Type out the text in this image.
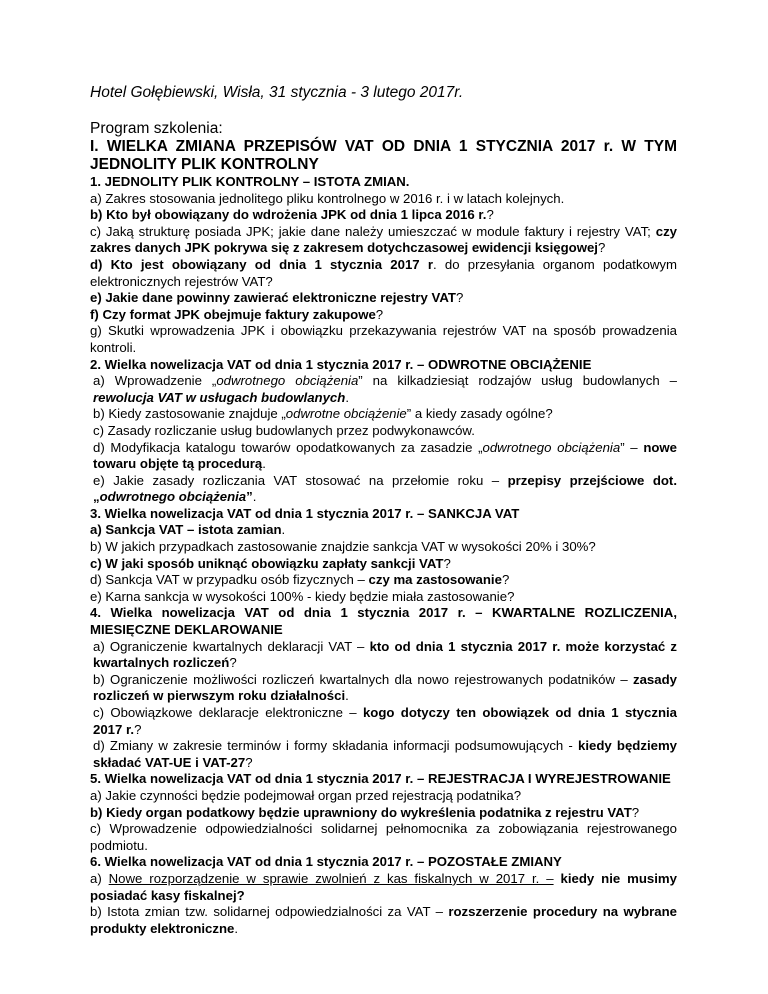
Hotel Gołębiewski, Wisła, 31 stycznia - 3 lutego 2017r.

Program szkolenia:

I. WIELKA ZMIANA PRZEPISÓW VAT OD DNIA 1 STYCZNIA 2017 r. W TYM JEDNOLITY PLIK KONTROLNY

1. JEDNOLITY PLIK KONTROLNY – ISTOTA ZMIAN.

a) Zakres stosowania jednolitego pliku kontrolnego w 2016 r. i w latach kolejnych.

b) Kto był obowiązany do wdrożenia JPK od dnia 1 lipca 2016 r.?

c) Jaką strukturę posiada JPK; jakie dane należy umieszczać w module faktury i rejestry VAT; czy zakres danych JPK pokrywa się z zakresem dotychczasowej ewidencji księgowej?

d) Kto jest obowiązany od dnia 1 stycznia 2017 r. do przesyłania organom podatkowym elektronicznych rejestrów VAT?

e) Jakie dane powinny zawierać elektroniczne rejestry VAT?

f) Czy format JPK obejmuje faktury zakupowe?

g) Skutki wprowadzenia JPK i obowiązku przekazywania rejestrów VAT na sposób prowadzenia kontroli.

2. Wielka nowelizacja VAT od dnia 1 stycznia 2017 r. – ODWROTNE OBCIĄŻENIE

a) Wprowadzenie „odwrotnego obciążenia” na kilkadziesiąt rodzajów usług budowlanych – rewolucja VAT w usługach budowlanych.

b) Kiedy zastosowanie znajduje „odwrotne obciążenie” a kiedy zasady ogólne?

c) Zasady rozliczanie usług budowlanych przez podwykonawców.

d) Modyfikacja katalogu towarów opodatkowanych za zasadzie „odwrotnego obciążenia” – nowe towaru objęte tą procedurą.

e) Jakie zasady rozliczania VAT stosować na przełomie roku – przepisy przejściowe dot. „odwrotnego obciążenia”.

3. Wielka nowelizacja VAT od dnia 1 stycznia 2017 r. – SANKCJA VAT

a) Sankcja VAT – istota zamian.

b) W jakich przypadkach zastosowanie znajdzie sankcja VAT w wysokości 20% i 30%?

c) W jaki sposób uniknąć obowiązku zapłaty sankcji VAT?

d) Sankcja VAT w przypadku osób fizycznych – czy ma zastosowanie?

e) Karna sankcja w wysokości 100% - kiedy będzie miała zastosowanie?

4. Wielka nowelizacja VAT od dnia 1 stycznia 2017 r. – KWARTALNE ROZLICZENIA, MIESIĘCZNE DEKLAROWANIE

a) Ograniczenie kwartalnych deklaracji VAT – kto od dnia 1 stycznia 2017 r. może korzystać z kwartalnych rozliczeń?

b) Ograniczenie możliwości rozliczeń kwartalnych dla nowo rejestrowanych podatników – zasady rozliczeń w pierwszym roku działalności.

c) Obowiązkowe deklaracje elektroniczne – kogo dotyczy ten obowiązek od dnia 1 stycznia 2017 r.?

d) Zmiany w zakresie terminów i formy składania informacji podsumowujących - kiedy będziemy składać VAT-UE i VAT-27?

5. Wielka nowelizacja VAT od dnia 1 stycznia 2017 r. – REJESTRACJA I WYREJESTROWANIE

a) Jakie czynności będzie podejmował organ przed rejestracją podatnika?

b) Kiedy organ podatkowy będzie uprawniony do wykreślenia podatnika z rejestru VAT?

c) Wprowadzenie odpowiedzialności solidarnej pełnomocnika za zobowiązania rejestrowanego podmiotu.

6. Wielka nowelizacja VAT od dnia 1 stycznia 2017 r. – POZOSTAŁE ZMIANY

a) Nowe rozporządzenie w sprawie zwolnień z kas fiskalnych w 2017 r. – kiedy nie musimy posiadać kasy fiskalnej?

b) Istota zmian tzw. solidarnej odpowiedzialności za VAT – rozszerzenie procedury na wybrane produkty elektroniczne.
